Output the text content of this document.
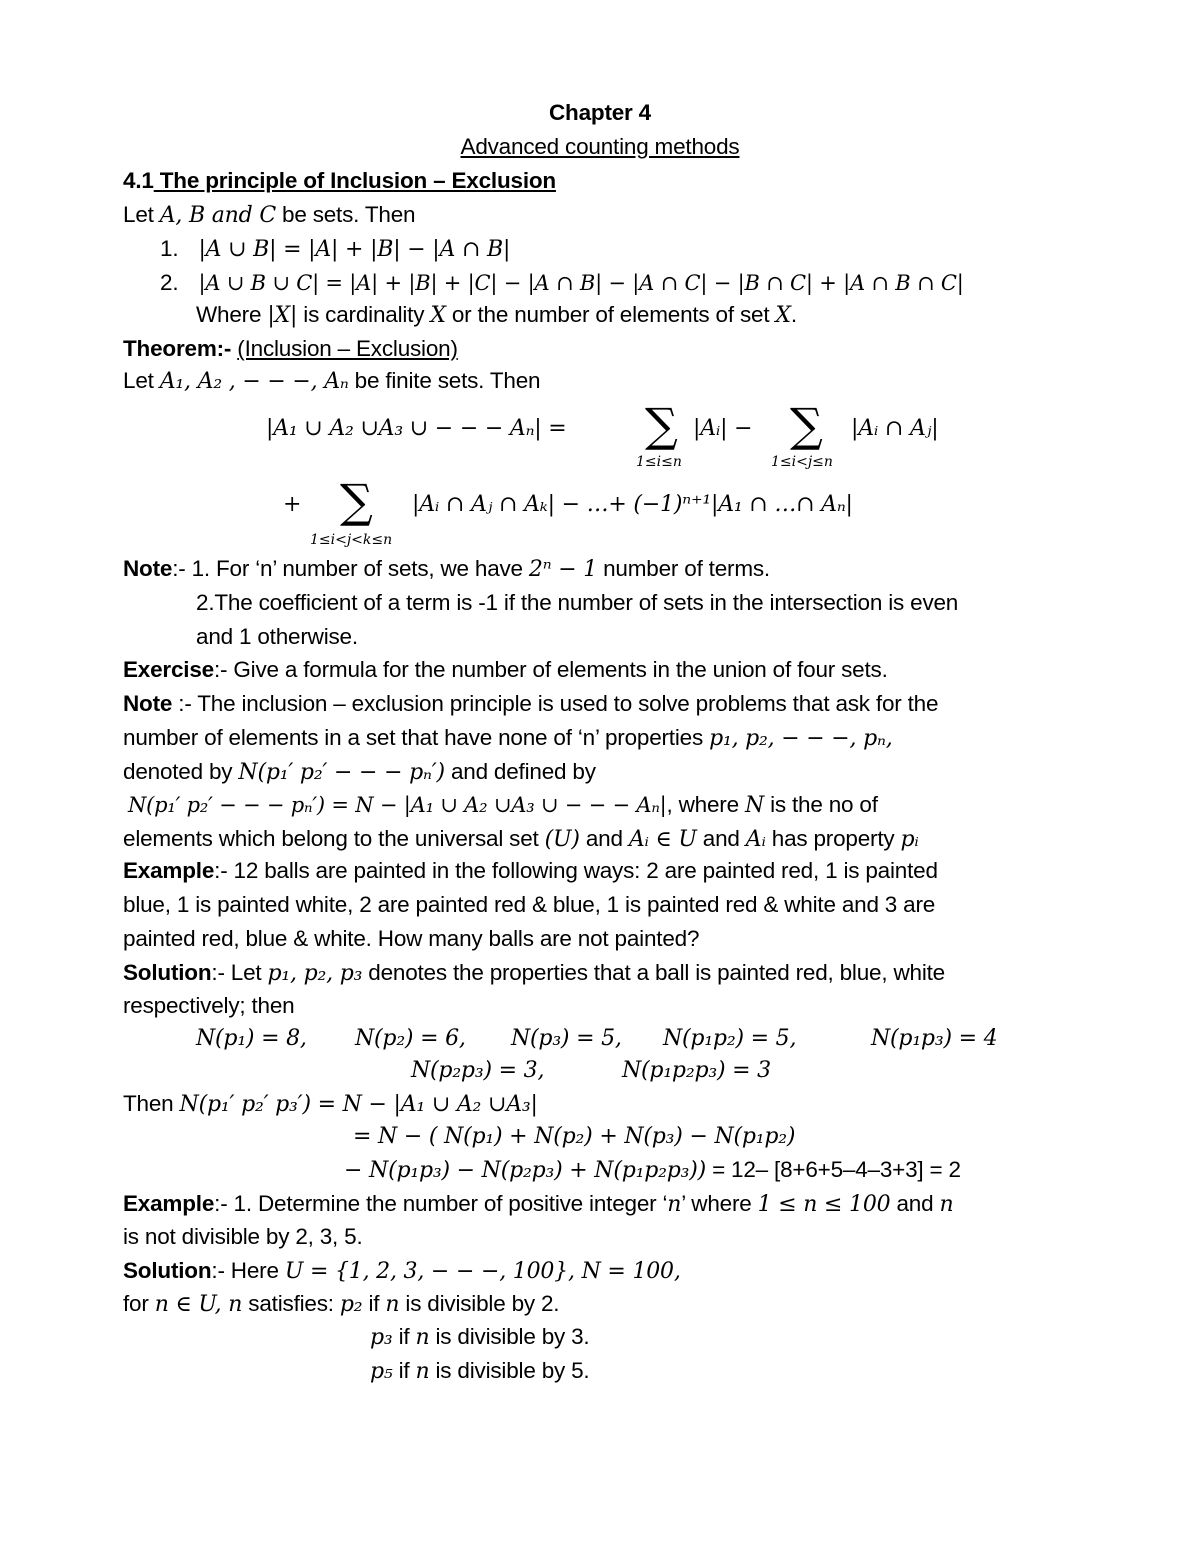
Chapter 4
Advanced counting methods
4.1 The principle of Inclusion – Exclusion
Let A, B and C be sets. Then
1. |A ∪ B| = |A| + |B| − |A ∩ B|
2. |A ∪ B ∪ C| = |A| + |B| + |C| − |A ∩ B| − |A ∩ C| − |B ∩ C| + |A ∩ B ∩ C|
Where |X| is cardinality X or the number of elements of set X.
Theorem:- (Inclusion – Exclusion)
Let A₁, A₂ , − − −, Aₙ be finite sets. Then
|A₁ ∪ A₂ ∪A₃ ∪ − − − Aₙ| = ∑ |Aᵢ| −
1≤i≤n
∑ |Aᵢ ∩ Aⱼ|
1≤i<j≤n
+ ∑ |Aᵢ ∩ Aⱼ ∩ Aₖ| − …+ (−1)ⁿ⁺¹|A₁ ∩ …∩ Aₙ|
1≤i<j<k≤n
Note:- 1. For ‘n’ number of sets, we have 2ⁿ − 1 number of terms.
2.The coefficient of a term is -1 if the number of sets in the intersection is even
and 1 otherwise.
Exercise:- Give a formula for the number of elements in the union of four sets.
Note :- The inclusion – exclusion principle is used to solve problems that ask for the
number of elements in a set that have none of ‘n’ properties p₁, p₂, − − −, pₙ,
denoted by N(p₁′ p₂′ − − − pₙ′) and defined by
N(p₁′ p₂′ − − − pₙ′) = N − |A₁ ∪ A₂ ∪A₃ ∪ − − − Aₙ|, where N is the no of
elements which belong to the universal set (U) and Aᵢ ∈ U and Aᵢ has property pᵢ
Example:- 12 balls are painted in the following ways: 2 are painted red, 1 is painted
blue, 1 is painted white, 2 are painted red & blue, 1 is painted red & white and 3 are
painted red, blue & white. How many balls are not painted?
Solution:- Let p₁, p₂, p₃ denotes the properties that a ball is painted red, blue, white
respectively; then
N(p₁) = 8, N(p₂) = 6, N(p₃) = 5, N(p₁p₂) = 5,	N(p₁p₃) = 4
N(p₂p₃) = 3,	N(p₁p₂p₃) = 3
Then N(p₁′ p₂′ p₃′) = N − |A₁ ∪ A₂ ∪A₃|
= N − ( N(p₁) + N(p₂) + N(p₃) − N(p₁p₂)
− N(p₁p₃) − N(p₂p₃) + N(p₁p₂p₃)) = 12– [8+6+5–4–3+3] = 2
Example:- 1. Determine the number of positive integer ‘n’ where 1 ≤ n ≤ 100 and n
is not divisible by 2, 3, 5.
Solution:- Here U = {1, 2, 3, − − −, 100}, N = 100,
for n ∈ U, n satisfies: p₂ if n is divisible by 2.
p₃ if n is divisible by 3.
p₅ if n is divisible by 5.
